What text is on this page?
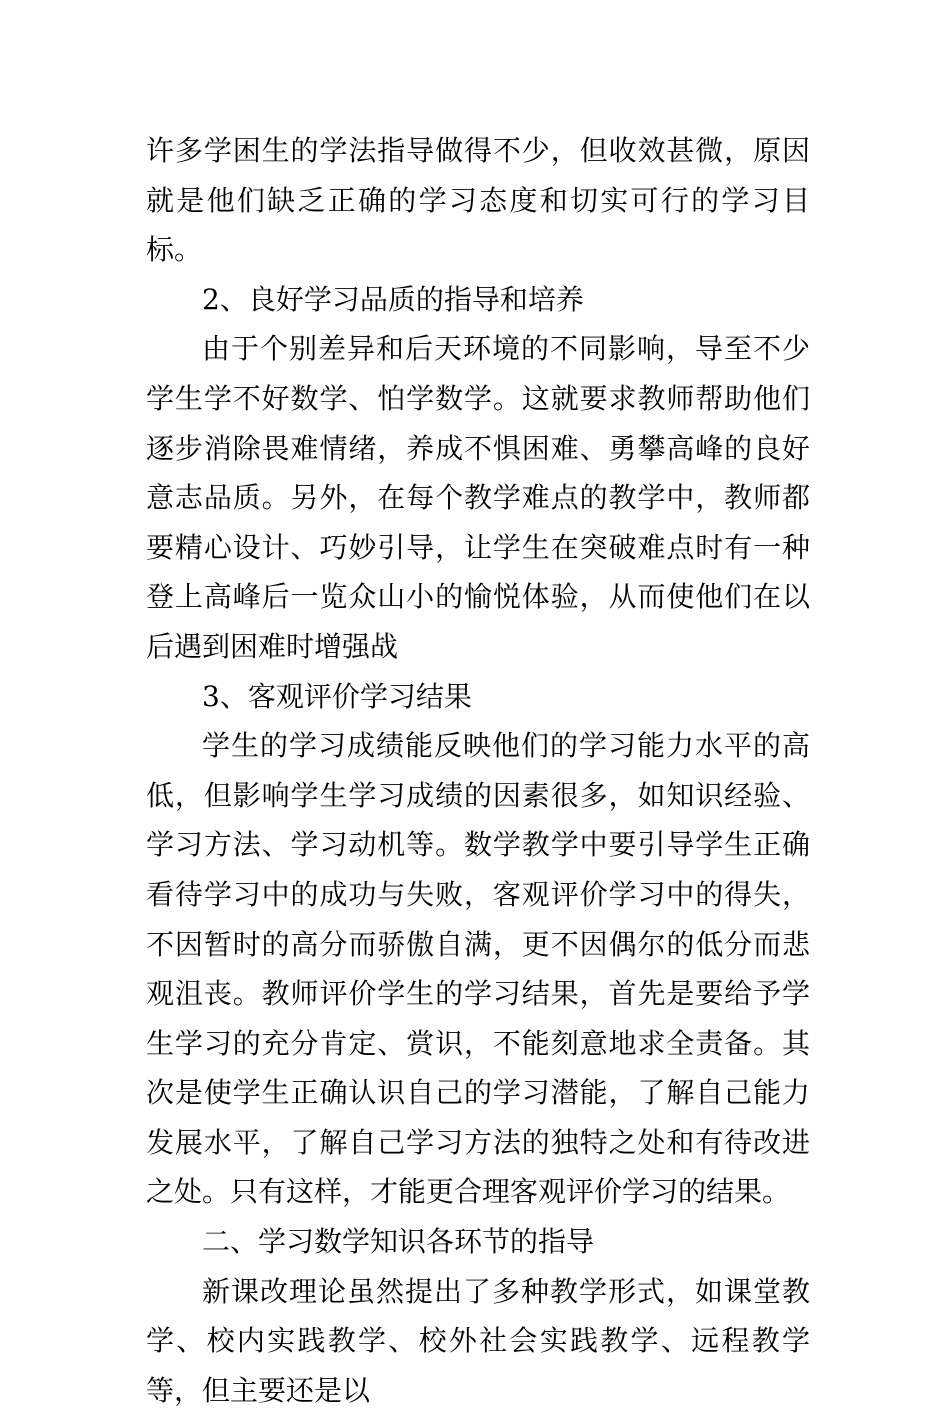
许多学困生的学法指导做得不少，但收效甚微，原因就是他们缺乏正确的学习态度和切实可行的学习目标。

2、良好学习品质的指导和培养

由于个别差异和后天环境的不同影响，导至不少学生学不好数学、怕学数学。这就要求教师帮助他们逐步消除畏难情绪，养成不惧困难、勇攀高峰的良好意志品质。另外，在每个教学难点的教学中，教师都要精心设计、巧妙引导，让学生在突破难点时有一种登上高峰后一览众山小的愉悦体验，从而使他们在以后遇到困难时增强战

3、客观评价学习结果

学生的学习成绩能反映他们的学习能力水平的高低，但影响学生学习成绩的因素很多，如知识经验、学习方法、学习动机等。数学教学中要引导学生正确看待学习中的成功与失败，客观评价学习中的得失，不因暂时的高分而骄傲自满，更不因偶尔的低分而悲观沮丧。教师评价学生的学习结果，首先是要给予学生学习的充分肯定、赏识，不能刻意地求全责备。其次是使学生正确认识自己的学习潜能，了解自己能力发展水平，了解自己学习方法的独特之处和有待改进之处。只有这样，才能更合理客观评价学习的结果。

二、学习数学知识各环节的指导

新课改理论虽然提出了多种教学形式，如课堂教学、校内实践教学、校外社会实践教学、远程教学等，但主要还是以
